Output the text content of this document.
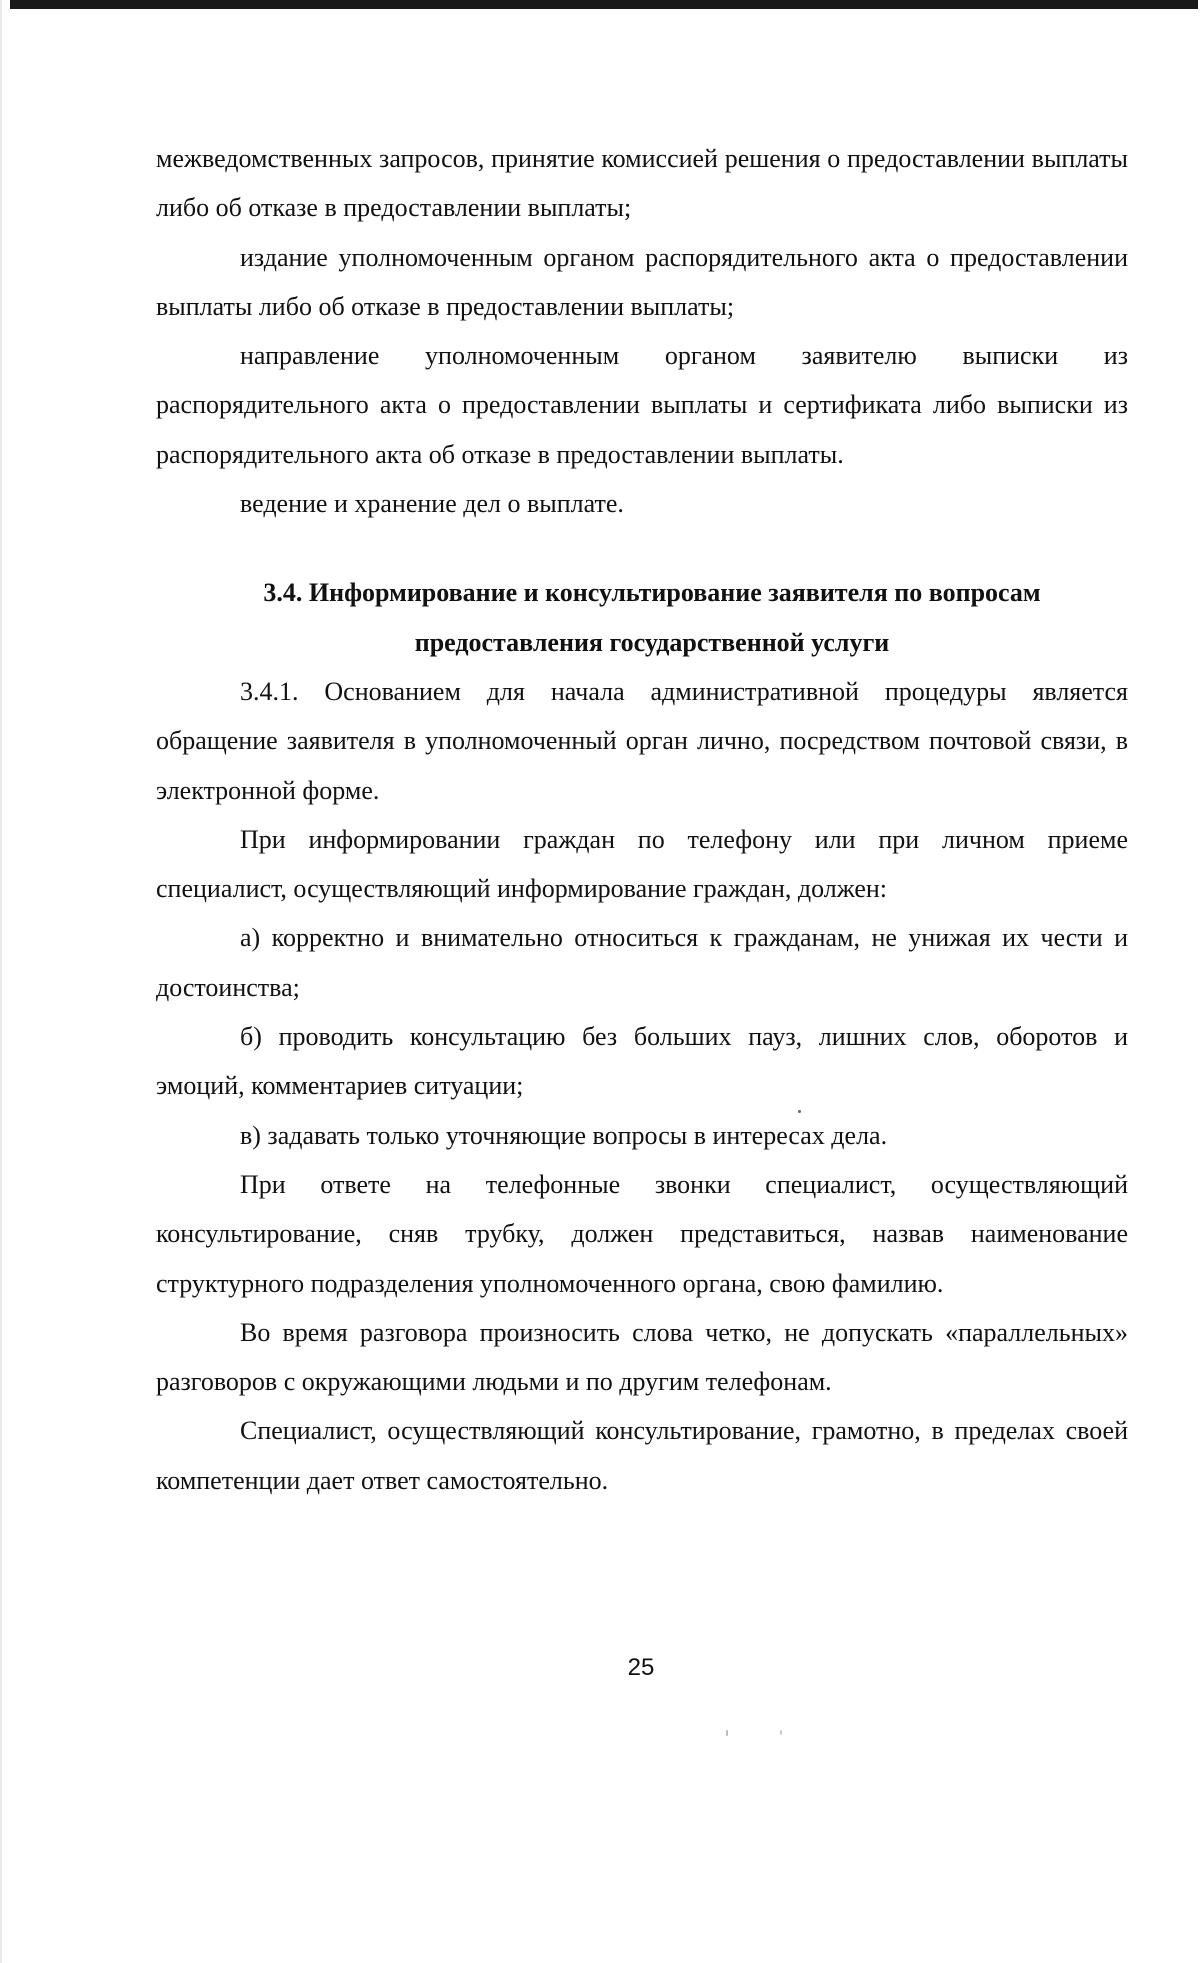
межведомственных запросов, принятие комиссией решения о предоставлении выплаты либо об отказе в предоставлении выплаты;

издание уполномоченным органом распорядительного акта о предоставлении выплаты либо об отказе в предоставлении выплаты;

направление уполномоченным органом заявителю выписки из распорядительного акта о предоставлении выплаты и сертификата либо выписки из распорядительного акта об отказе в предоставлении выплаты.

ведение и хранение дел о выплате.

3.4. Информирование и консультирование заявителя по вопросам
предоставления государственной услуги

3.4.1. Основанием для начала административной процедуры является обращение заявителя в уполномоченный орган лично, посредством почтовой связи, в электронной форме.

При информировании граждан по телефону или при личном приеме специалист, осуществляющий информирование граждан, должен:

а) корректно и внимательно относиться к гражданам, не унижая их чести и достоинства;

б) проводить консультацию без больших пауз, лишних слов, оборотов и эмоций, комментариев ситуации;

в) задавать только уточняющие вопросы в интересах дела.

При ответе на телефонные звонки специалист, осуществляющий консультирование, сняв трубку, должен представиться, назвав наименование структурного подразделения уполномоченного органа, свою фамилию.

Во время разговора произносить слова четко, не допускать «параллельных» разговоров с окружающими людьми и по другим телефонам.

Специалист, осуществляющий консультирование, грамотно, в пределах своей компетенции дает ответ самостоятельно.

25
